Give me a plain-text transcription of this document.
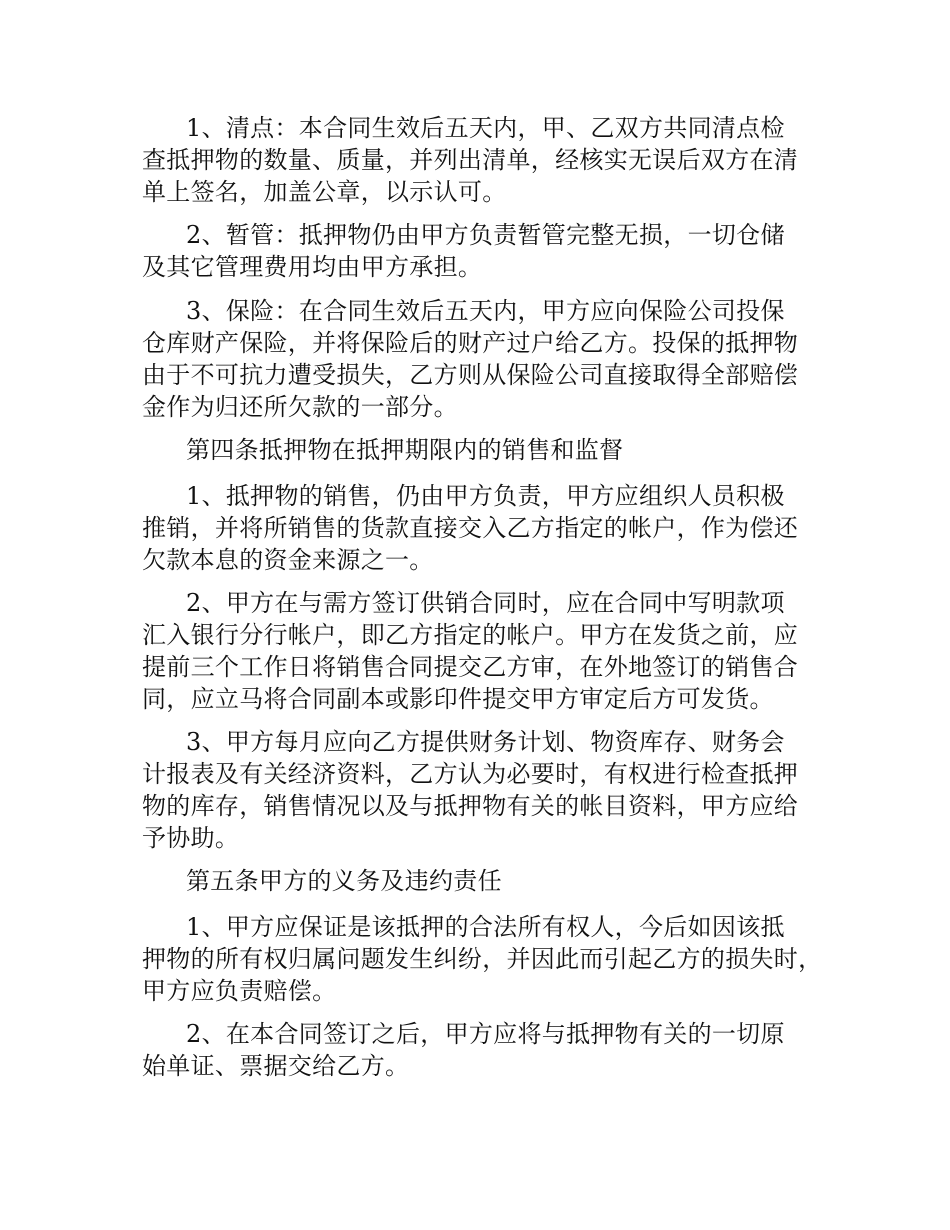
1、清点：本合同生效后五天内，甲、乙双方共同清点检
查抵押物的数量、质量，并列出清单，经核实无误后双方在清
单上签名，加盖公章，以示认可。
2、暂管：抵押物仍由甲方负责暂管完整无损，一切仓储
及其它管理费用均由甲方承担。
3、保险：在合同生效后五天内，甲方应向保险公司投保
仓库财产保险，并将保险后的财产过户给乙方。投保的抵押物
由于不可抗力遭受损失，乙方则从保险公司直接取得全部赔偿
金作为归还所欠款的一部分。
第四条抵押物在抵押期限内的销售和监督
1、抵押物的销售，仍由甲方负责，甲方应组织人员积极
推销，并将所销售的货款直接交入乙方指定的帐户，作为偿还
欠款本息的资金来源之一。
2、甲方在与需方签订供销合同时，应在合同中写明款项
汇入银行分行帐户，即乙方指定的帐户。甲方在发货之前，应
提前三个工作日将销售合同提交乙方审，在外地签订的销售合
同，应立马将合同副本或影印件提交甲方审定后方可发货。
3、甲方每月应向乙方提供财务计划、物资库存、财务会
计报表及有关经济资料，乙方认为必要时，有权进行检查抵押
物的库存，销售情况以及与抵押物有关的帐目资料，甲方应给
予协助。
第五条甲方的义务及违约责任
1、甲方应保证是该抵押的合法所有权人，今后如因该抵
押物的所有权归属问题发生纠纷，并因此而引起乙方的损失时，
甲方应负责赔偿。
2、在本合同签订之后，甲方应将与抵押物有关的一切原
始单证、票据交给乙方。
